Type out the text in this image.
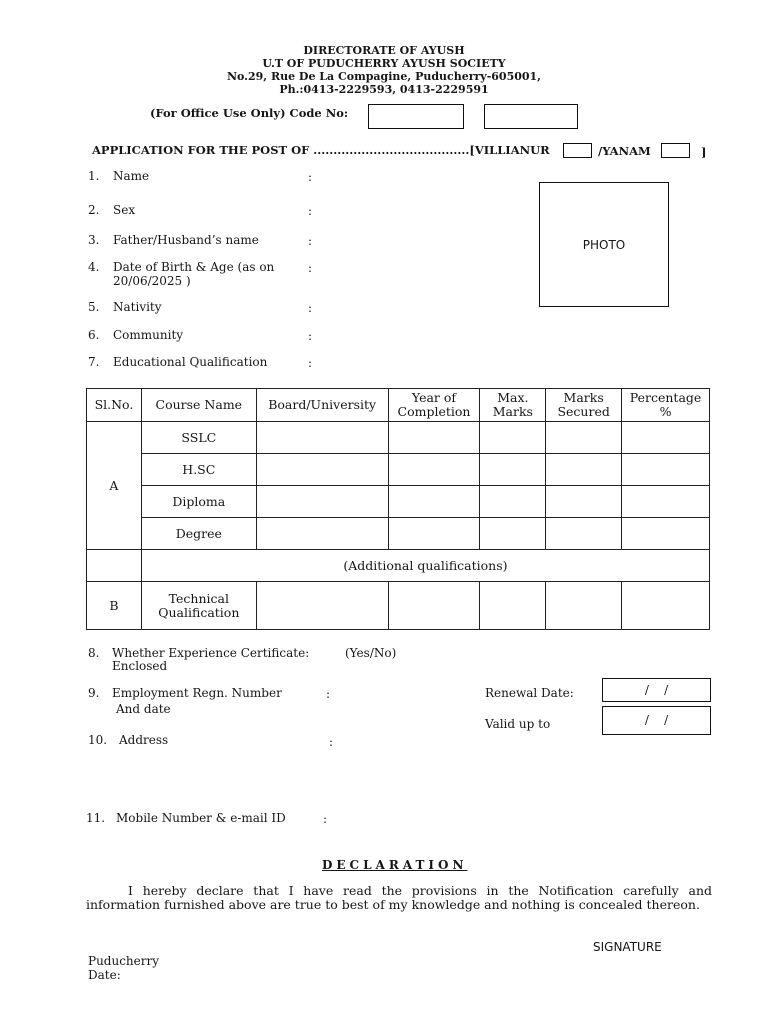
DIRECTORATE OF AYUSH
U.T OF PUDUCHERRY AYUSH SOCIETY
No.29, Rue De La Compagine, Puducherry-605001,
Ph.:0413-2229593, 0413-2229591
(For Office Use Only) Code No:
APPLICATION FOR THE POST OF .......................................[VILLIANUR	/YANAM	]
PHOTO
1. Name	:
2. Sex	:
3. Father/Husband’s name	:
4. Date of Birth & Age (as on
20/06/2025 )
:
5. Nativity	:
6. Community	:
7. Educational Qualification	:
Sl.No.	Course Name	Board/University	Year of Completion	Max. Marks	Marks Secured	Percentage %
A	SSLC					
	H.SC					
	Diploma					
	Degree					
	(Additional qualifications)					
B	Technical Qualification					
8. Whether Experience Certificate:
Enclosed
(Yes/No)
9. Employment Regn. Number
And date
:	Renewal Date:	/    /
Valid up to	/    /
10. Address	:
11. Mobile Number & e-mail ID	:
DECLARATION
I hereby declare that I have read the provisions in the Notification carefully and information furnished above are true to best of my knowledge and nothing is concealed thereon.
SIGNATURE
Puducherry
Date:
